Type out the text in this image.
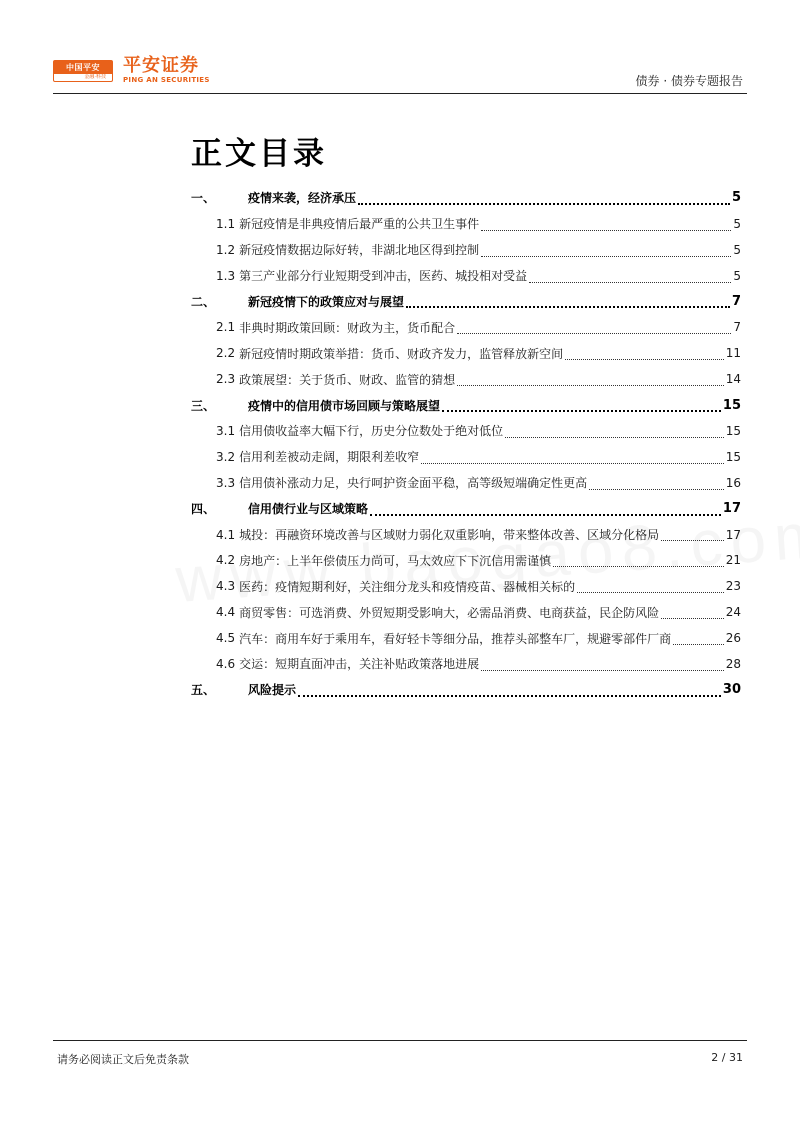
中国平安
金融·科技
平安证券
PING AN SECURITIES	债券 · 债券专题报告
正文目录
一、	疫情来袭，经济承压	5
1.1 新冠疫情是非典疫情后最严重的公共卫生事件	5
1.2 新冠疫情数据边际好转，非湖北地区得到控制	5
1.3 第三产业部分行业短期受到冲击，医药、城投相对受益	5
二、	新冠疫情下的政策应对与展望	7
2.1 非典时期政策回顾：财政为主，货币配合	7
2.2 新冠疫情时期政策举措：货币、财政齐发力，监管释放新空间	11
2.3 政策展望：关于货币、财政、监管的猜想	14
三、	疫情中的信用债市场回顾与策略展望	15
3.1 信用债收益率大幅下行，历史分位数处于绝对低位	15
3.2 信用利差被动走阔，期限利差收窄	15
3.3 信用债补涨动力足，央行呵护资金面平稳，高等级短端确定性更高	16
四、	信用债行业与区域策略	17
4.1 城投：再融资环境改善与区域财力弱化双重影响，带来整体改善、区域分化格局	17
4.2 房地产：上半年偿债压力尚可，马太效应下下沉信用需谨慎	21
4.3 医药：疫情短期利好，关注细分龙头和疫情疫苗、器械相关标的	23
4.4 商贸零售：可选消费、外贸短期受影响大，必需品消费、电商获益，民企防风险	24
4.5 汽车：商用车好于乘用车，看好轻卡等细分品，推荐头部整车厂，规避零部件厂商	26
4.6 交运：短期直面冲击，关注补贴政策落地进展	28
五、	风险提示	30
请务必阅读正文后免责条款	2 / 31
